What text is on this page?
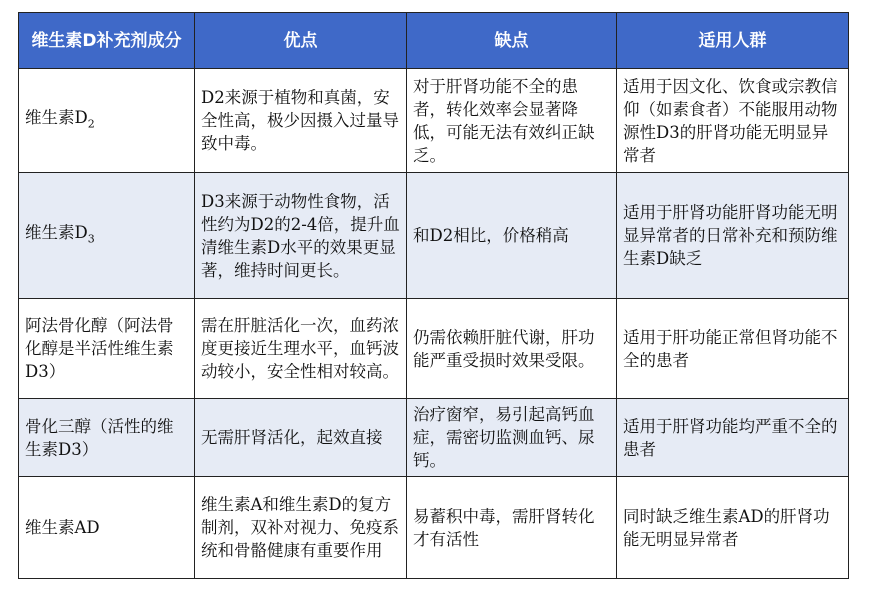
维生素D补充剂成分	优点	缺点	适用人群
维生素$D_2$	D2来源于植物和真菌，安全性高，极少因摄入过量导致中毒。	对于肝肾功能不全的患者，转化效率会显著降低，可能无法有效纠正缺乏。	适用于因文化、饮食或宗教信仰（如素食者）不能服用动物源性D3的肝肾功能无明显异常者
维生素$D_3$	D3来源于动物性食物，活性约为D2的2-4倍，提升血清维生素D水平的效果更显著，维持时间更长。	和D2相比，价格稍高	适用于肝肾功能肝肾功能无明显异常者的日常补充和预防维生素D缺乏
阿法骨化醇（阿法骨化醇是半活性维生素D3）	需在肝脏活化一次，血药浓度更接近生理水平，血钙波动较小，安全性相对较高。	仍需依赖肝脏代谢，肝功能严重受损时效果受限。	适用于肝功能正常但肾功能不全的患者
骨化三醇（活性的维生素D3）	无需肝肾活化，起效直接	治疗窗窄，易引起高钙血症，需密切监测血钙、尿钙。	适用于肝肾功能均严重不全的患者
维生素AD	维生素A和维生素D的复方制剂，双补对视力、免疫系统和骨骼健康有重要作用	易蓄积中毒，需肝肾转化才有活性	同时缺乏维生素AD的肝肾功能无明显异常者
